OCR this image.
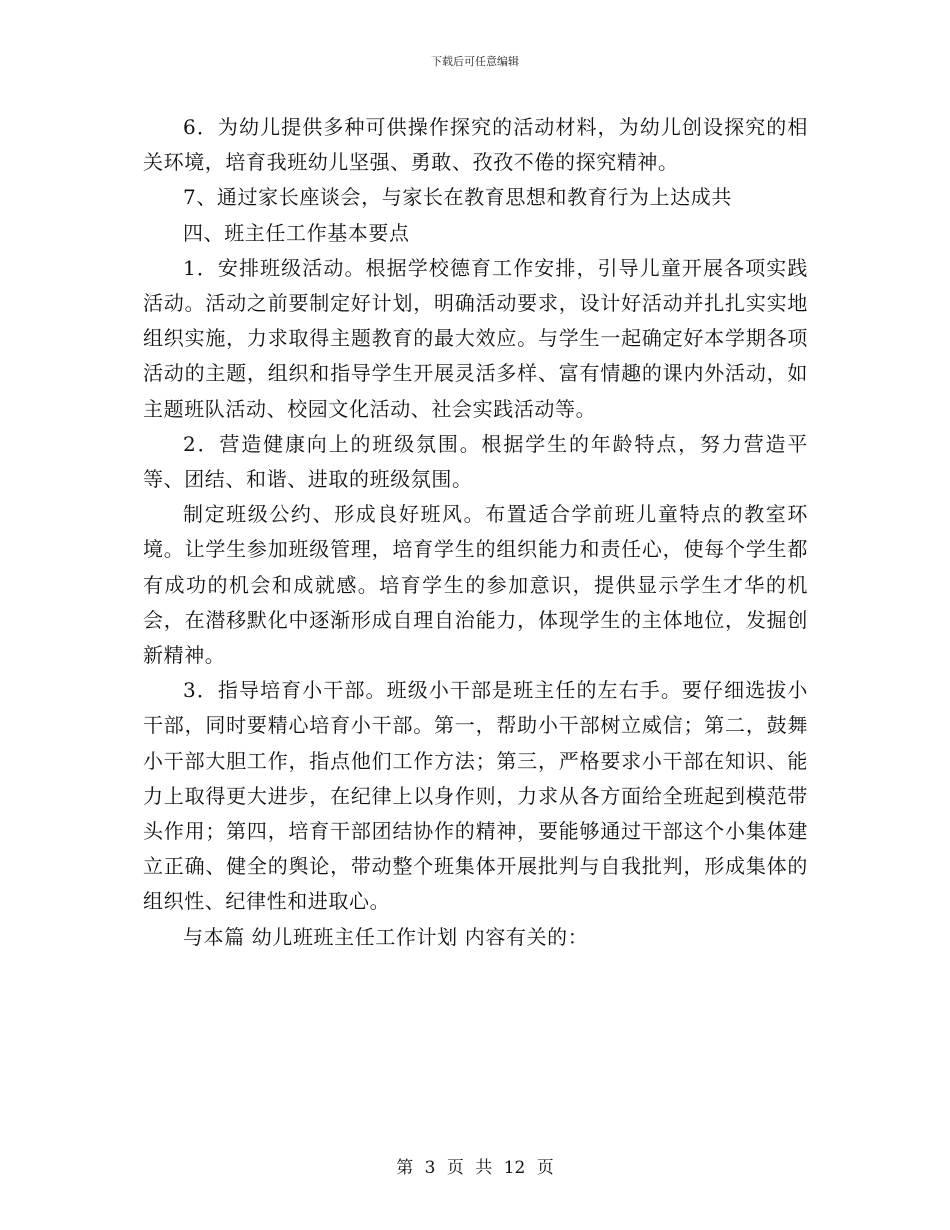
下载后可任意编辑

6．为幼儿提供多种可供操作探究的活动材料，为幼儿创设探究的相关环境，培育我班幼儿坚强、勇敢、孜孜不倦的探究精神。

7、通过家长座谈会，与家长在教育思想和教育行为上达成共

四、班主任工作基本要点

1．安排班级活动。根据学校德育工作安排，引导儿童开展各项实践活动。活动之前要制定好计划，明确活动要求，设计好活动并扎扎实实地组织实施，力求取得主题教育的最大效应。与学生一起确定好本学期各项活动的主题，组织和指导学生开展灵活多样、富有情趣的课内外活动，如主题班队活动、校园文化活动、社会实践活动等。

2．营造健康向上的班级氛围。根据学生的年龄特点，努力营造平等、团结、和谐、进取的班级氛围。

制定班级公约、形成良好班风。布置适合学前班儿童特点的教室环境。让学生参加班级管理，培育学生的组织能力和责任心，使每个学生都有成功的机会和成就感。培育学生的参加意识，提供显示学生才华的机会，在潜移默化中逐渐形成自理自治能力，体现学生的主体地位，发掘创新精神。

3．指导培育小干部。班级小干部是班主任的左右手。要仔细选拔小干部，同时要精心培育小干部。第一，帮助小干部树立威信；第二，鼓舞小干部大胆工作，指点他们工作方法；第三，严格要求小干部在知识、能力上取得更大进步，在纪律上以身作则，力求从各方面给全班起到模范带头作用；第四，培育干部团结协作的精神，要能够通过干部这个小集体建立正确、健全的舆论，带动整个班集体开展批判与自我批判，形成集体的组织性、纪律性和进取心。

与本篇 幼儿班班主任工作计划 内容有关的：

第 3 页 共 12 页
